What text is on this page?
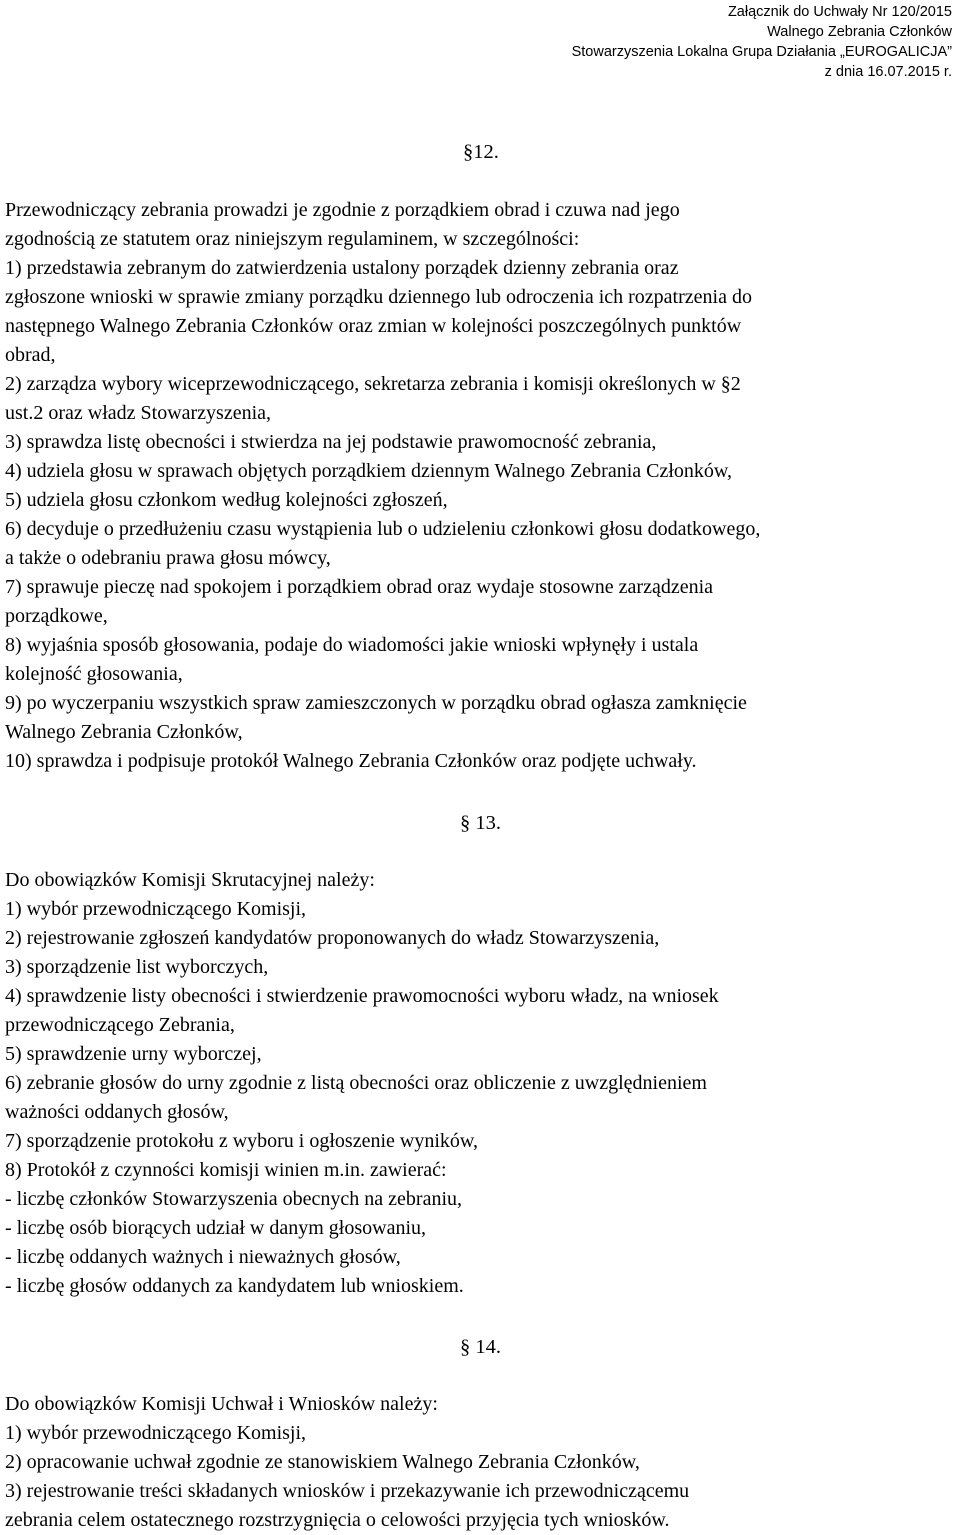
Załącznik do Uchwały Nr 120/2015
Walnego Zebrania Członków
Stowarzyszenia Lokalna Grupa Działania „EUROGALICJA”
z dnia 16.07.2015 r.
§12.
Przewodniczący zebrania prowadzi je zgodnie z porządkiem obrad i czuwa nad jego
zgodnością ze statutem oraz niniejszym regulaminem, w szczególności:
1) przedstawia zebranym do zatwierdzenia ustalony porządek dzienny zebrania oraz
zgłoszone wnioski w sprawie zmiany porządku dziennego lub odroczenia ich rozpatrzenia do
następnego Walnego Zebrania Członków oraz zmian w kolejności poszczególnych punktów
obrad,
2) zarządza wybory wiceprzewodniczącego, sekretarza zebrania i komisji określonych w §2
ust.2 oraz władz Stowarzyszenia,
3) sprawdza listę obecności i stwierdza na jej podstawie prawomocność zebrania,
4) udziela głosu w sprawach objętych porządkiem dziennym Walnego Zebrania Członków,
5) udziela głosu członkom według kolejności zgłoszeń,
6) decyduje o przedłużeniu czasu wystąpienia lub o udzieleniu członkowi głosu dodatkowego,
a także o odebraniu prawa głosu mówcy,
7) sprawuje pieczę nad spokojem i porządkiem obrad oraz wydaje stosowne zarządzenia
porządkowe,
8) wyjaśnia sposób głosowania, podaje do wiadomości jakie wnioski wpłynęły i ustala
kolejność głosowania,
9) po wyczerpaniu wszystkich spraw zamieszczonych w porządku obrad ogłasza zamknięcie
Walnego Zebrania Członków,
10) sprawdza i podpisuje protokół Walnego Zebrania Członków oraz podjęte uchwały.
§ 13.
Do obowiązków Komisji Skrutacyjnej należy:
1) wybór przewodniczącego Komisji,
2) rejestrowanie zgłoszeń kandydatów proponowanych do władz Stowarzyszenia,
3) sporządzenie list wyborczych,
4) sprawdzenie listy obecności i stwierdzenie prawomocności wyboru władz, na wniosek
przewodniczącego Zebrania,
5) sprawdzenie urny wyborczej,
6) zebranie głosów do urny zgodnie z listą obecności oraz obliczenie z uwzględnieniem
ważności oddanych głosów,
7) sporządzenie protokołu z wyboru i ogłoszenie wyników,
8) Protokół z czynności komisji winien m.in. zawierać:
- liczbę członków Stowarzyszenia obecnych na zebraniu,
- liczbę osób biorących udział w danym głosowaniu,
- liczbę oddanych ważnych i nieważnych głosów,
- liczbę głosów oddanych za kandydatem lub wnioskiem.
§ 14.
Do obowiązków Komisji Uchwał i Wniosków należy:
1) wybór przewodniczącego Komisji,
2) opracowanie uchwał zgodnie ze stanowiskiem Walnego Zebrania Członków,
3) rejestrowanie treści składanych wniosków i przekazywanie ich przewodniczącemu
zebrania celem ostatecznego rozstrzygnięcia o celowości przyjęcia tych wniosków.
